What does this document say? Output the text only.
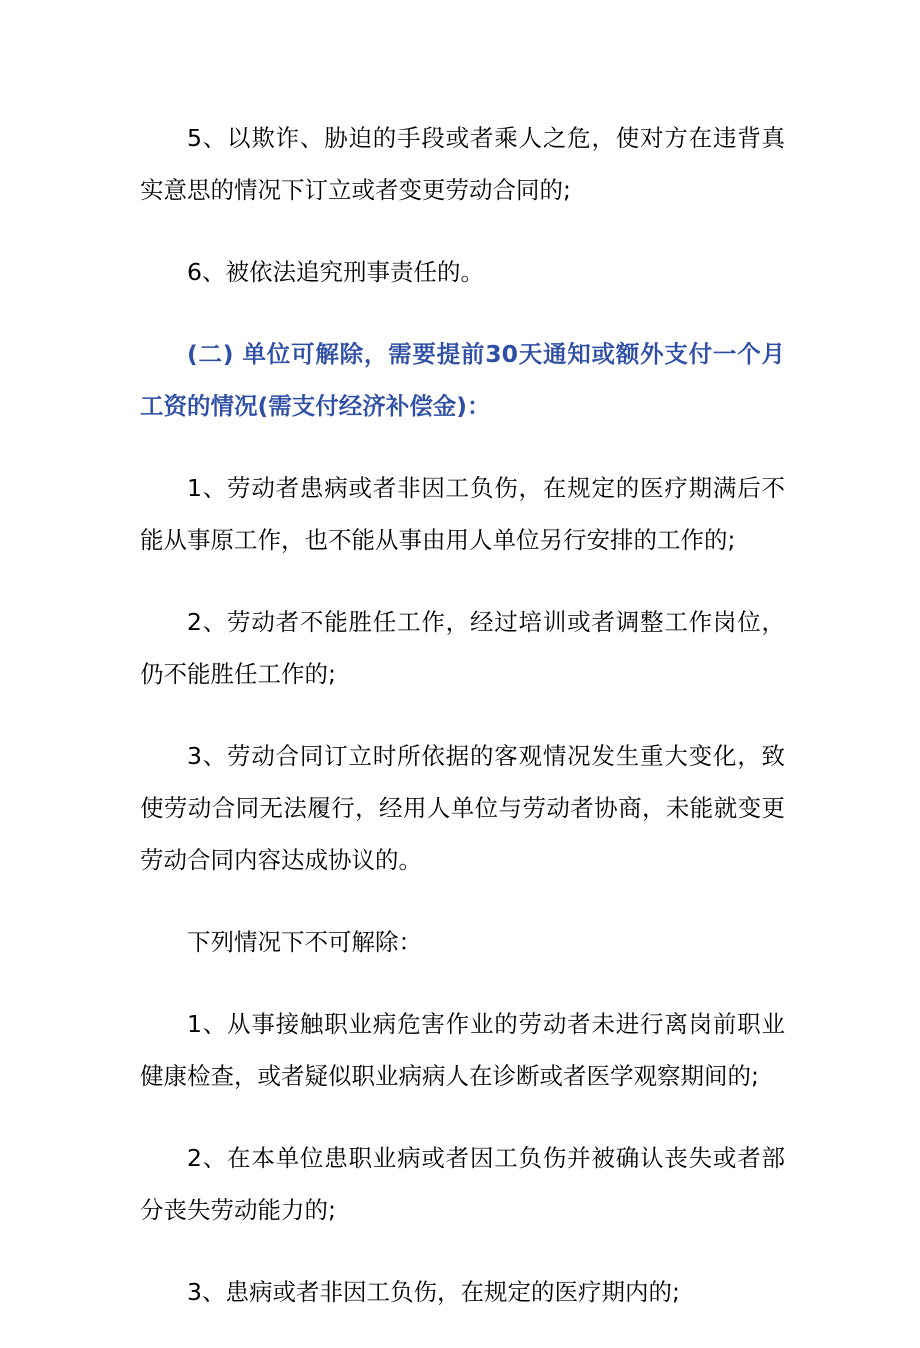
5、以欺诈、胁迫的手段或者乘人之危，使对方在违背真实意思的情况下订立或者变更劳动合同的;

6、被依法追究刑事责任的。

(二) 单位可解除，需要提前30天通知或额外支付一个月工资的情况(需支付经济补偿金)：

1、劳动者患病或者非因工负伤，在规定的医疗期满后不能从事原工作，也不能从事由用人单位另行安排的工作的;

2、劳动者不能胜任工作，经过培训或者调整工作岗位，仍不能胜任工作的;

3、劳动合同订立时所依据的客观情况发生重大变化，致使劳动合同无法履行，经用人单位与劳动者协商，未能就变更劳动合同内容达成协议的。

下列情况下不可解除：

1、从事接触职业病危害作业的劳动者未进行离岗前职业健康检查，或者疑似职业病病人在诊断或者医学观察期间的;

2、在本单位患职业病或者因工负伤并被确认丧失或者部分丧失劳动能力的;

3、患病或者非因工负伤，在规定的医疗期内的;
